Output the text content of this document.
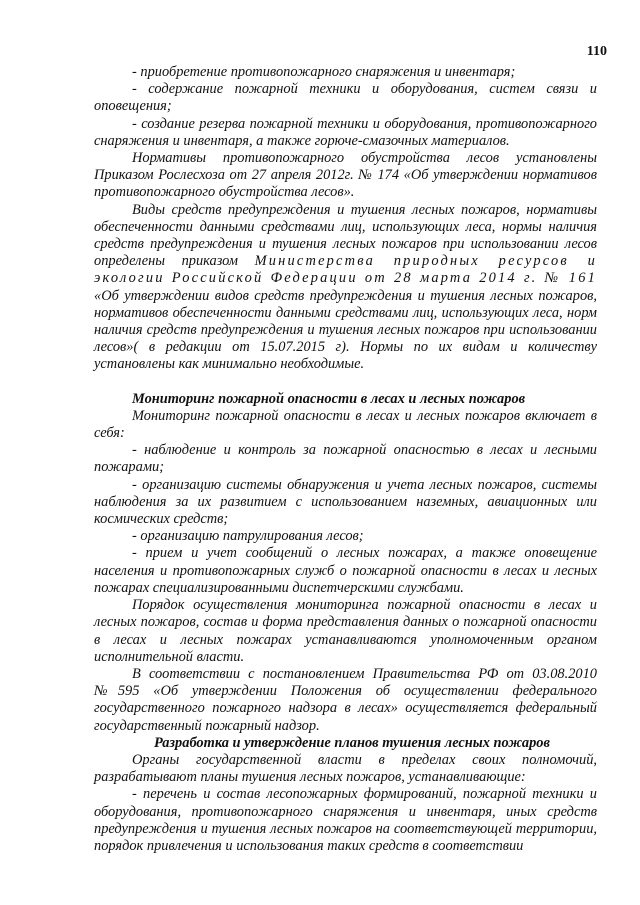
110

- приобретение противопожарного снаряжения и инвентаря;

- содержание пожарной техники и оборудования, систем связи и оповещения;

- создание резерва пожарной техники и оборудования, противопожарного снаряжения и инвентаря, а также горюче-смазочных материалов.

Нормативы противопожарного обустройства лесов установлены Приказом Рослесхоза от 27 апреля 2012г. № 174 «Об утверждении нормативов противопожарного обустройства лесов».

Виды средств предупреждения и тушения лесных пожаров, нормативы обеспеченности данными средствами лиц, использующих леса, нормы наличия средств предупреждения и тушения лесных пожаров при использовании лесов определены приказом Министерства природных ресурсов и экологии Российской Федерации от 28 марта 2014 г. № 161 «Об утверждении видов средств предупреждения и тушения лесных пожаров, нормативов обеспеченности данными средствами лиц, использующих леса, норм наличия средств предупреждения и тушения лесных пожаров при использовании лесов»( в редакции от 15.07.2015 г). Нормы по их видам и количеству установлены как минимально необходимые.

Мониторинг пожарной опасности в лесах и лесных пожаров

Мониторинг пожарной опасности в лесах и лесных пожаров включает в себя:

- наблюдение и контроль за пожарной опасностью в лесах и лесными пожарами;

- организацию системы обнаружения и учета лесных пожаров, системы наблюдения за их развитием с использованием наземных, авиационных или космических средств;

- организацию патрулирования лесов;

- прием и учет сообщений о лесных пожарах, а также оповещение населения и противопожарных служб о пожарной опасности в лесах и лесных пожарах специализированными диспетчерскими службами.

Порядок осуществления мониторинга пожарной опасности в лесах и лесных пожаров, состав и форма представления данных о пожарной опасности в лесах и лесных пожарах устанавливаются уполномоченным органом исполнительной власти.

В соответствии с постановлением Правительства РФ от 03.08.2010 №595 «Об утверждении Положения об осуществлении федерального государственного пожарного надзора в лесах» осуществляется федеральный государственный пожарный надзор.

Разработка и утверждение планов тушения лесных пожаров

Органы государственной власти в пределах своих полномочий, разрабатывают планы тушения лесных пожаров, устанавливающие:

- перечень и состав лесопожарных формирований, пожарной техники и оборудования, противопожарного снаряжения и инвентаря, иных средств предупреждения и тушения лесных пожаров на соответствующей территории, порядок привлечения и использования таких средств в соответствии
